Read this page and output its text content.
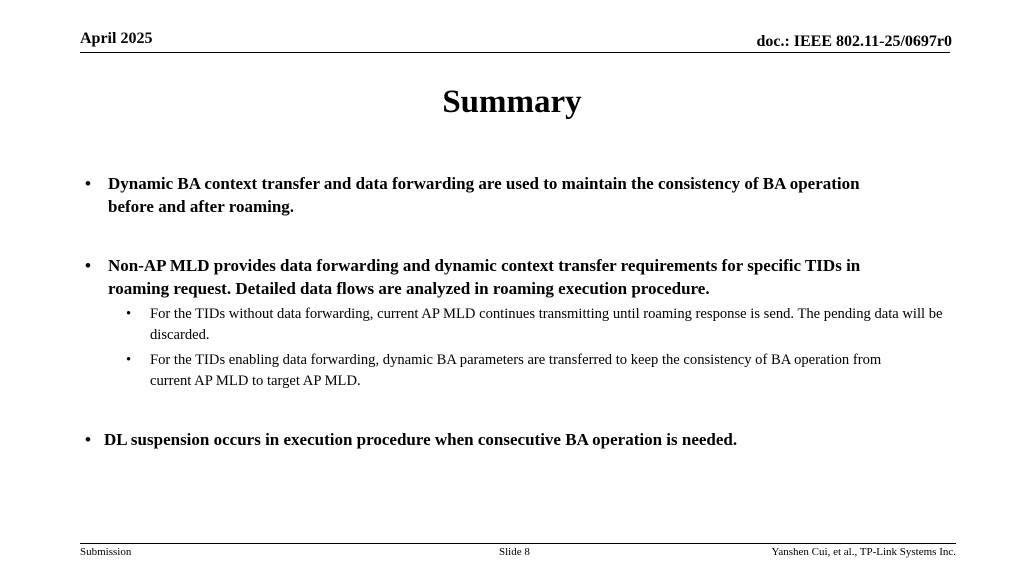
April 2025	doc.: IEEE 802.11-25/0697r0
Summary
•	Dynamic BA context transfer and data forwarding are used to maintain the consistency of BA operation before and after roaming.
•	Non-AP MLD provides data forwarding and dynamic context transfer requirements for specific TIDs in roaming request. Detailed data flows are analyzed in roaming execution procedure.
•	For the TIDs without data forwarding, current AP MLD continues transmitting until roaming response is send. The pending data will be discarded.
•	For the TIDs enabling data forwarding, dynamic BA parameters are transferred to keep the consistency of BA operation from current AP MLD to target AP MLD.
• DL suspension occurs in execution procedure when consecutive BA operation is needed.
Submission	Slide 8	Yanshen Cui, et al., TP-Link Systems Inc.
